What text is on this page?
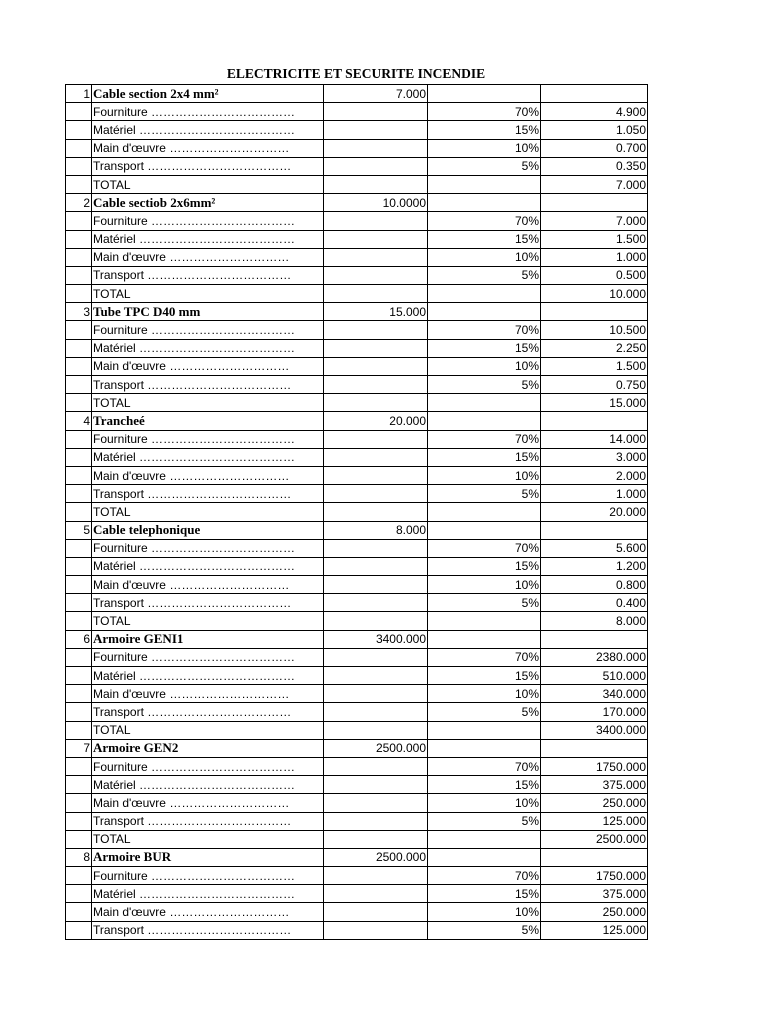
ELECTRICITE ET SECURITE INCENDIE
1	Cable section 2x4 mm²	7.000		
	Fourniture ………………………………		70%	4.900
	Matériel …………………………………		15%	1.050
	Main d'œuvre …………………………		10%	0.700
	Transport ………………………………		5%	0.350
	TOTAL			7.000
2	Cable sectiob 2x6mm²	10.0000		
	Fourniture ………………………………		70%	7.000
	Matériel …………………………………		15%	1.500
	Main d'œuvre …………………………		10%	1.000
	Transport ………………………………		5%	0.500
	TOTAL			10.000
3	Tube TPC D40 mm	15.000		
	Fourniture ………………………………		70%	10.500
	Matériel …………………………………		15%	2.250
	Main d'œuvre …………………………		10%	1.500
	Transport ………………………………		5%	0.750
	TOTAL			15.000
4	Trancheé	20.000		
	Fourniture ………………………………		70%	14.000
	Matériel …………………………………		15%	3.000
	Main d'œuvre …………………………		10%	2.000
	Transport ………………………………		5%	1.000
	TOTAL			20.000
5	Cable telephonique	8.000		
	Fourniture ………………………………		70%	5.600
	Matériel …………………………………		15%	1.200
	Main d'œuvre …………………………		10%	0.800
	Transport ………………………………		5%	0.400
	TOTAL			8.000
6	Armoire GENI1	3400.000		
	Fourniture ………………………………		70%	2380.000
	Matériel …………………………………		15%	510.000
	Main d'œuvre …………………………		10%	340.000
	Transport ………………………………		5%	170.000
	TOTAL			3400.000
7	Armoire GEN2	2500.000		
	Fourniture ………………………………		70%	1750.000
	Matériel …………………………………		15%	375.000
	Main d'œuvre …………………………		10%	250.000
	Transport ………………………………		5%	125.000
	TOTAL			2500.000
8	Armoire BUR	2500.000		
	Fourniture ………………………………		70%	1750.000
	Matériel …………………………………		15%	375.000
	Main d'œuvre …………………………		10%	250.000
	Transport ………………………………		5%	125.000
